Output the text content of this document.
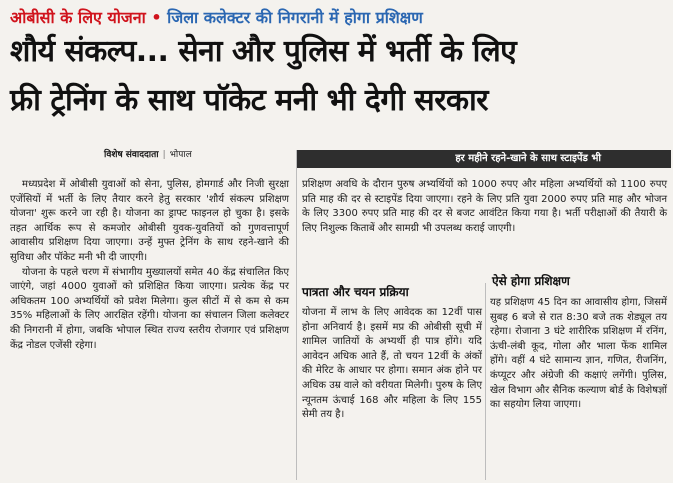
ओबीसी के लिए योजना • जिला कलेक्टर की निगरानी में होगा प्रशिक्षण
शौर्य संकल्प... सेना और पुलिस में भर्ती के लिए
फ्री ट्रेनिंग के साथ पॉकेट मनी भी देगी सरकार
विशेष संवाददाता | भोपाल	हर महीने रहने-खाने के साथ स्टाइपेंड भी

मध्यप्रदेश में ओबीसी युवाओं को सेना, पुलिस, होमगार्ड और निजी सुरक्षा एजेंसियों में भर्ती के लिए तैयार करने हेतु सरकार 'शौर्य संकल्प प्रशिक्षण योजना' शुरू करने जा रही है। योजना का ड्राफ्ट फाइनल हो चुका है। इसके तहत आर्थिक रूप से कमजोर ओबीसी युवक-युवतियों को गुणवत्तापूर्ण आवासीय प्रशिक्षण दिया जाएगा। उन्हें मुफ्त ट्रेनिंग के साथ रहने-खाने की सुविधा और पॉकेट मनी भी दी जाएगी।

योजना के पहले चरण में संभागीय मुख्यालयों समेत 40 केंद्र संचालित किए जाएंगे, जहां 4000 युवाओं को प्रशिक्षित किया जाएगा। प्रत्येक केंद्र पर अधिकतम 100 अभ्यर्थियों को प्रवेश मिलेगा। कुल सीटों में से कम से कम 35% महिलाओं के लिए आरक्षित रहेंगी। योजना का संचालन जिला कलेक्टर की निगरानी में होगा, जबकि भोपाल स्थित राज्य स्तरीय रोजगार एवं प्रशिक्षण केंद्र नोडल एजेंसी रहेगा।

प्रशिक्षण अवधि के दौरान पुरुष अभ्यर्थियों को 1000 रुपए और महिला अभ्यर्थियों को 1100 रुपए प्रति माह की दर से स्टाइपेंड दिया जाएगा। रहने के लिए प्रति युवा 2000 रुपए प्रति माह और भोजन के लिए 3300 रुपए प्रति माह की दर से बजट आवंटित किया गया है। भर्ती परीक्षाओं की तैयारी के लिए निशुल्क किताबें और सामग्री भी उपलब्ध कराई जाएगी।

पात्रता और चयन प्रक्रिया

योजना में लाभ के लिए आवेदक का 12वीं पास होना अनिवार्य है। इसमें मप्र की ओबीसी सूची में शामिल जातियों के अभ्यर्थी ही पात्र होंगे। यदि आवेदन अधिक आते हैं, तो चयन 12वीं के अंकों की मेरिट के आधार पर होगा। समान अंक होने पर अधिक उम्र वाले को वरीयता मिलेगी। पुरुष के लिए न्यूनतम ऊंचाई 168 और महिला के लिए 155 सेमी तय है।

ऐसे होगा प्रशिक्षण

यह प्रशिक्षण 45 दिन का आवासीय होगा, जिसमें सुबह 6 बजे से रात 8:30 बजे तक शेड्यूल तय रहेगा। रोजाना 3 घंटे शारीरिक प्रशिक्षण में रनिंग, ऊंची-लंबी कूद, गोला और भाला फेंक शामिल होंगे। वहीं 4 घंटे सामान्य ज्ञान, गणित, रीजनिंग, कंप्यूटर और अंग्रेजी की कक्षाएं लगेंगी। पुलिस, खेल विभाग और सैनिक कल्याण बोर्ड के विशेषज्ञों का सहयोग लिया जाएगा।
